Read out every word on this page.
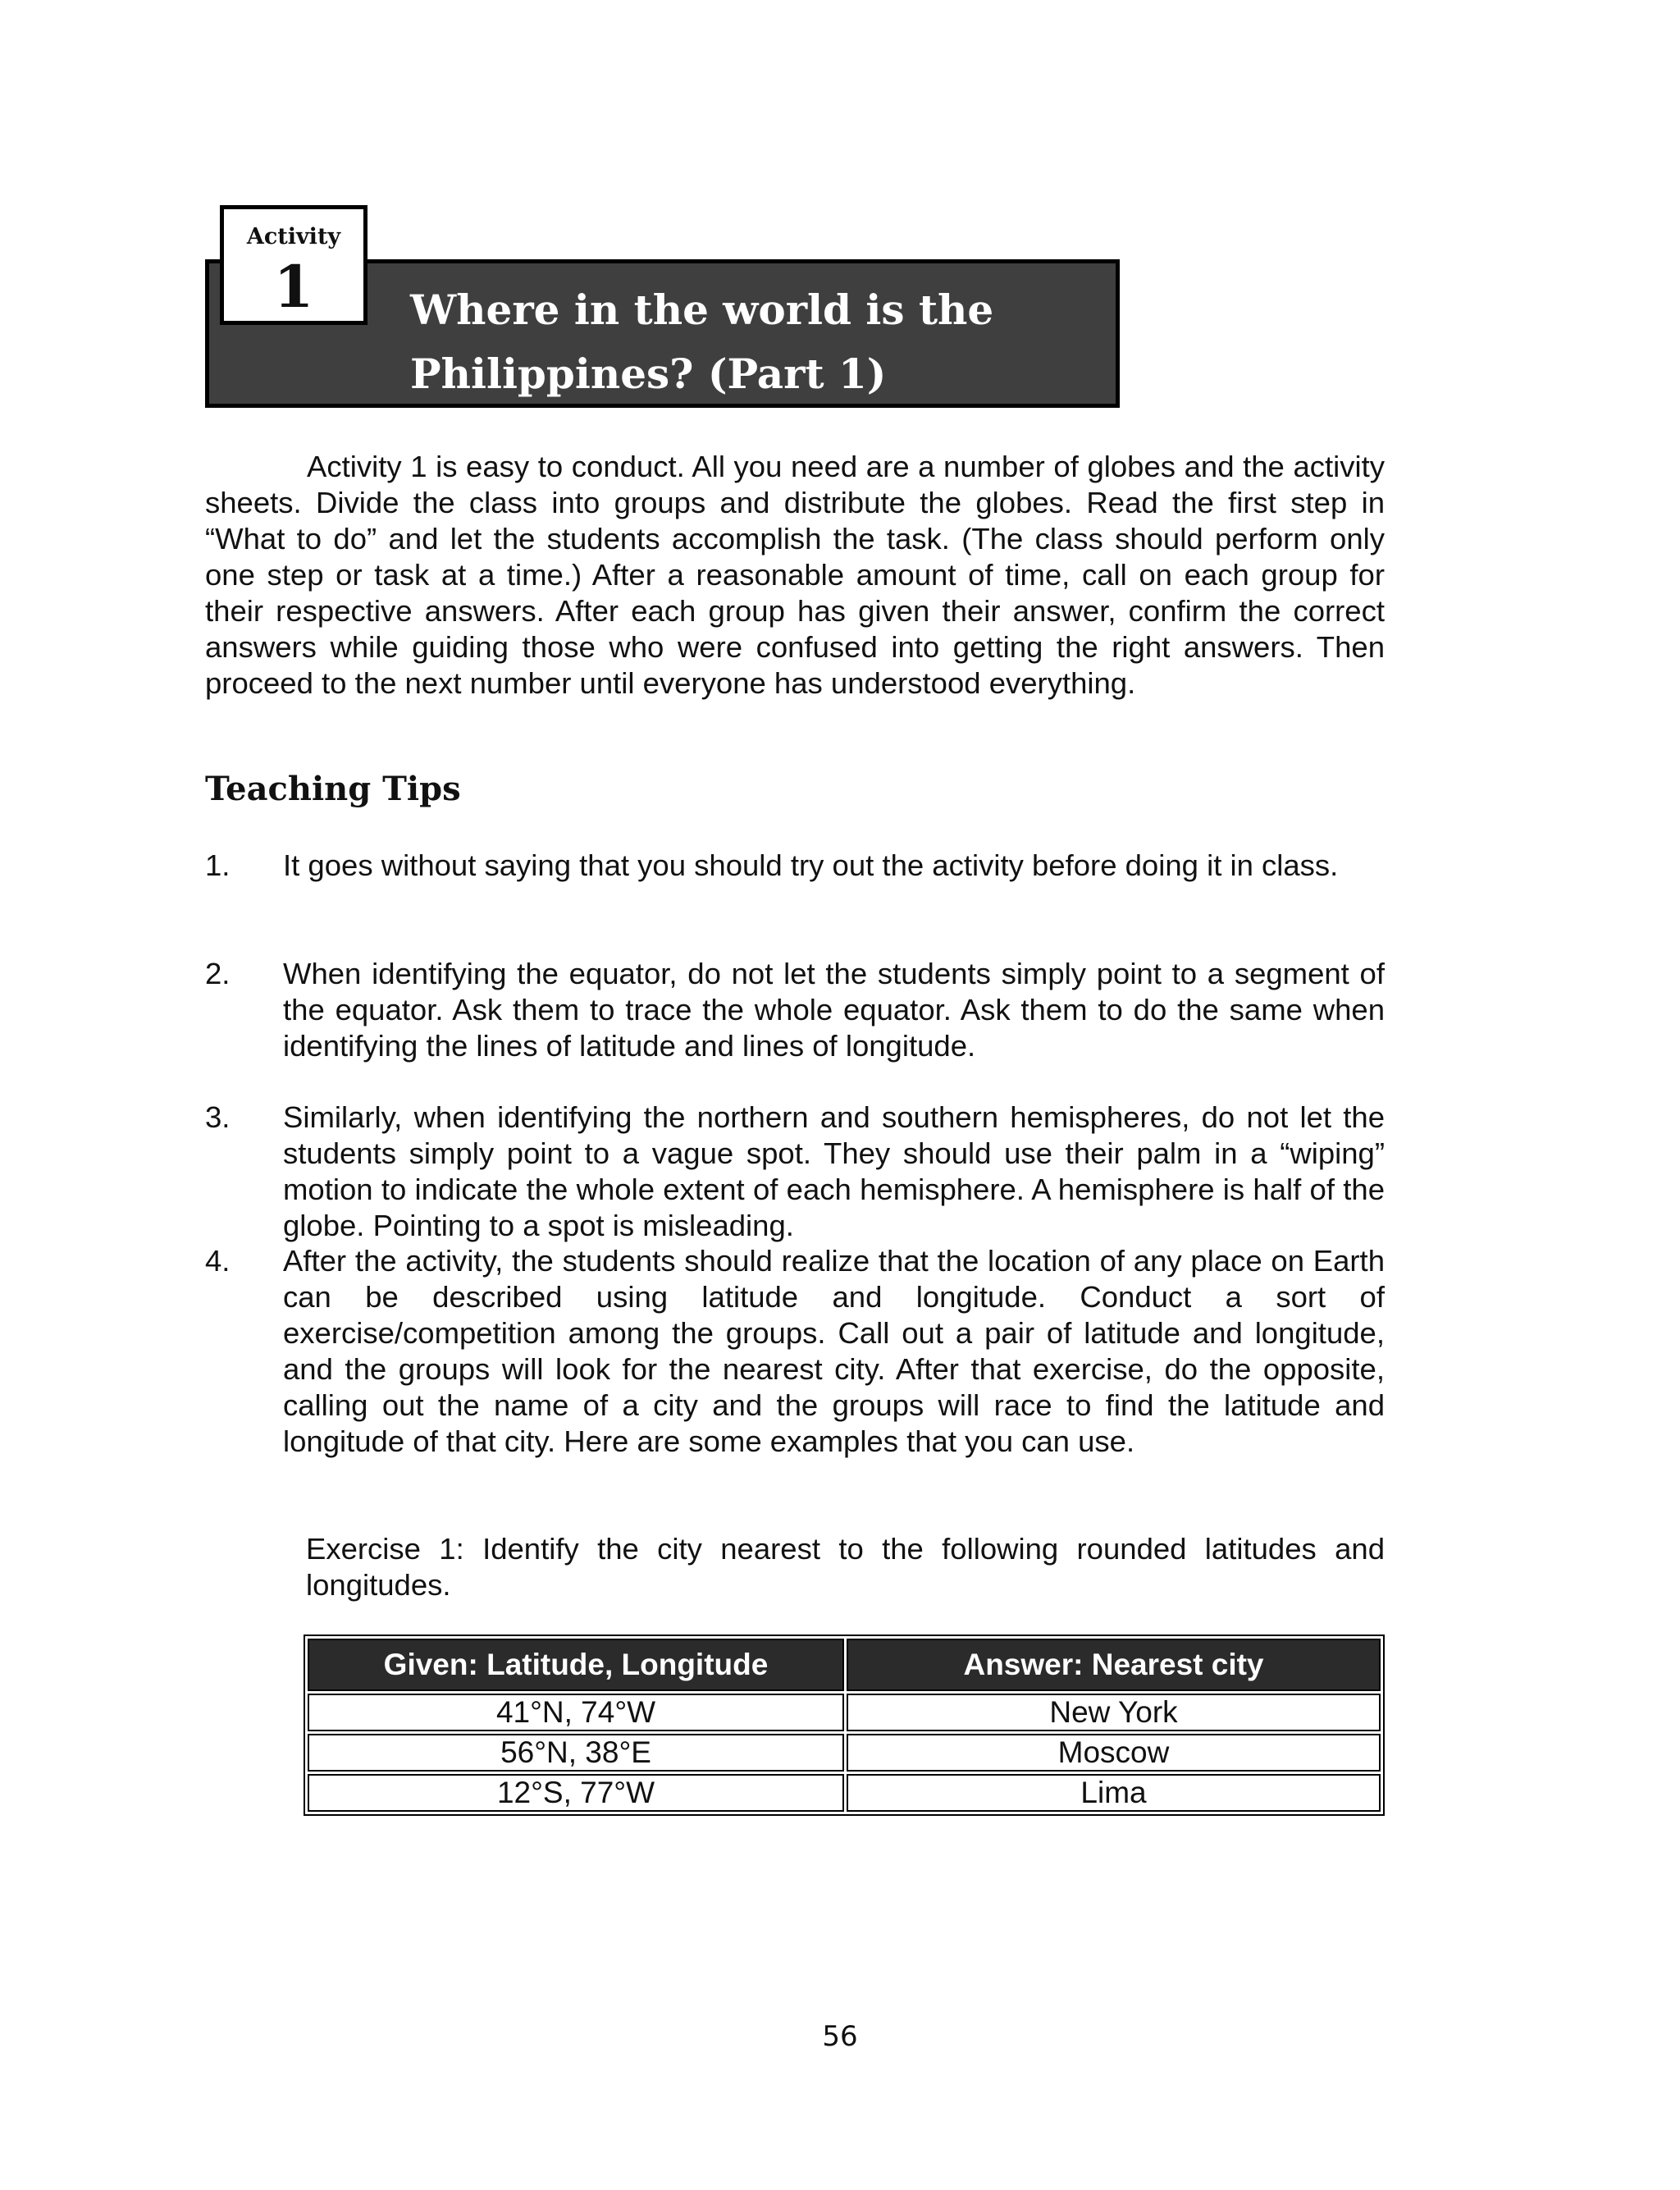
Where in the world is the
Philippines? (Part 1)
Activity
1

Activity 1 is easy to conduct. All you need are a number of globes and the activity sheets. Divide the class into groups and distribute the globes. Read the first step in “What to do” and let the students accomplish the task. (The class should perform only one step or task at a time.) After a reasonable amount of time, call on each group for their respective answers. After each group has given their answer, confirm the correct answers while guiding those who were confused into getting the right answers. Then proceed to the next number until everyone has understood everything.

Teaching Tips
1. It goes without saying that you should try out the activity before doing it in class.

2. When identifying the equator, do not let the students simply point to a segment of the equator. Ask them to trace the whole equator. Ask them to do the same when identifying the lines of latitude and lines of longitude.

3. Similarly, when identifying the northern and southern hemispheres, do not let the students simply point to a vague spot. They should use their palm in a “wiping” motion to indicate the whole extent of each hemisphere. A hemisphere is half of the globe. Pointing to a spot is misleading.

4. After the activity, the students should realize that the location of any place on Earth can be described using latitude and longitude. Conduct a sort of exercise/competition among the groups. Call out a pair of latitude and longitude, and the groups will look for the nearest city. After that exercise, do the opposite, calling out the name of a city and the groups will race to find the latitude and longitude of that city. Here are some examples that you can use.

Exercise 1: Identify the city nearest to the following rounded latitudes and longitudes.

Given: Latitude, Longitude	Answer: Nearest city
41°N, 74°W	New York
56°N, 38°E	Moscow
12°S, 77°W	Lima
56
